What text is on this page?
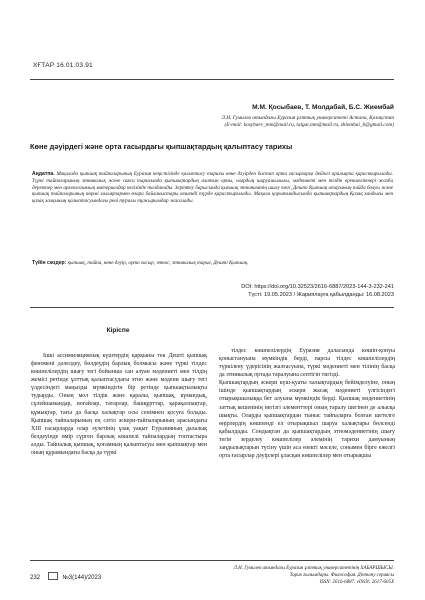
ХҒТАР 16.01.03.91
М.М. Қосыбаев, Т. Молдабай, Б.С. Жиембай
Л.Н. Гумилев атындағы Еуразия ұлттық университеті Астана, Қазақстан
(E-mail: kosybaev_mm@mail.ru, talgat.mm@mail.ru, zhiembai_b@gmail.com)
Көне дәуірдегі және орта ғасырдағы қыпшақтардың қалыптасу тарихы
Аңдатпа. Мақалада қыпшақ тайпаларының Еуразия кеңістігінде қалыптасу тарихы көне дәуірден бастап орта ғасырларға дейінгі аралықта қарастырылады. Түркі тайпаларының этникалық және саяси тарихында қыпшақтардың алатын орны, олардың шаруашылығы, мәдениеті мен тілдік ерекшеліктері жазба деректер мен археологиялық материалдар негізінде талданады. Зерттеу барысында қыпшақ этнонимінің шығу тегі, Дешті Қыпшақ атауының пайда болуы және қыпшақ тайпаларының көрші халықтармен өзара байланыстары кешенді түрде қарастырылады. Мақала қорытындысында қыпшақтардың Қазақ хандығы мен қазақ халқының қалыптасуындағы рөлі туралы тұжырымдар жасалады.
Түйін сөздер: қыпшақ, тайпа, көне дәуір, орта ғасыр, этнос, этникалық тарих, Дешті Қыпшақ.
DOI: https://doi.org/10.32523/2616-6887/2023-144-3-232-241
Түсті: 19.05.2023 / Жариялауға қабылданды: 16.08.2023
Кіріспе

Ішкі ассимиляциялық күштердің қарқыны тек Дешті қыпшақ феномені дәлелдеу, бөлдеудің барлық болмысы және түркі тілдес көшпелілердің шығу тегі бойынша сан алуан мәдениеті мен тілдің жемісі ретінде ұлттық қалыптасудағы этно және мәдени шығу тегі үлдесіндегі маңызды мүмкіндігін бір ретінде қыпшақтылықты тудырды. Оның мол тілдік және қаралы, қыпшақ, күмандық, сұлейшамандар, ноғайлар, татарлар, башқұрттар, қарақалпақтар, құмықтар, тағы да басқа халықтар осы сенімнен қосуға болады. Қыпшақ тайпаларының ең сәтіл әскери-тайпаларының арасындағы XIII ғасырларда олар әулетінің ұзақ уақыт Еуразияның далалық белдеуінде өмір сүрген барлық көшпелі тайпалардың топтастыра алды. Тайпалық қыпшақ, қоғамның қалыптасуы мен қыпшақтар мен оның құрамындағы басқа да түркі

тілдес көшпелілердің Еуразия даласында көшіп-қонуы қоныстануына мүмкіндік берді, парсы тілдес көшпелілердің түркілену үдерісінің жалғасуына, түркі мәдениеті мен тілінің басқа да этникалық ортада таралуына септігін тигізді.
Қыпшақтардың әскери күш-қуаты халықтардың бейімделуіне, оның ішінде қыпшақтардың әскери жасақ мәдениеті үлгісіндегі отырықшылыққа бет алуына мүмкіндік берді. Қыпшақ мәдениетінің заттық кешенінің негізгі элементтері оның таралу шегінен де алысқа шықты. Оларды қыпшақтардан тыныс тайпаларға болған шетелге өңірлердің көшпенді ел отырықшыл шаруа халықтары бөлсенді қабылдады. Сондықтан да қыпшақтардың этномәдениетінің шығу тегін зерделеу көшпелілер әлемінің тарихи дамуының заңдылықтарын түсіну үшін аса өзекті мәселе, сонымен бірге ежелгі орта ғасырлар дәуірлері ұласқан көшпелілер мен отырықшы

232	№3(144)/2023
Л.Н. Гумилев атындағы Еуразия ұлттық университетінің ХАБАРШЫСЫ.
Тарих ғылымдары. Философия. Дінтану сериясы
ISSN: 2616-6887. eISSN: 2617-605X
